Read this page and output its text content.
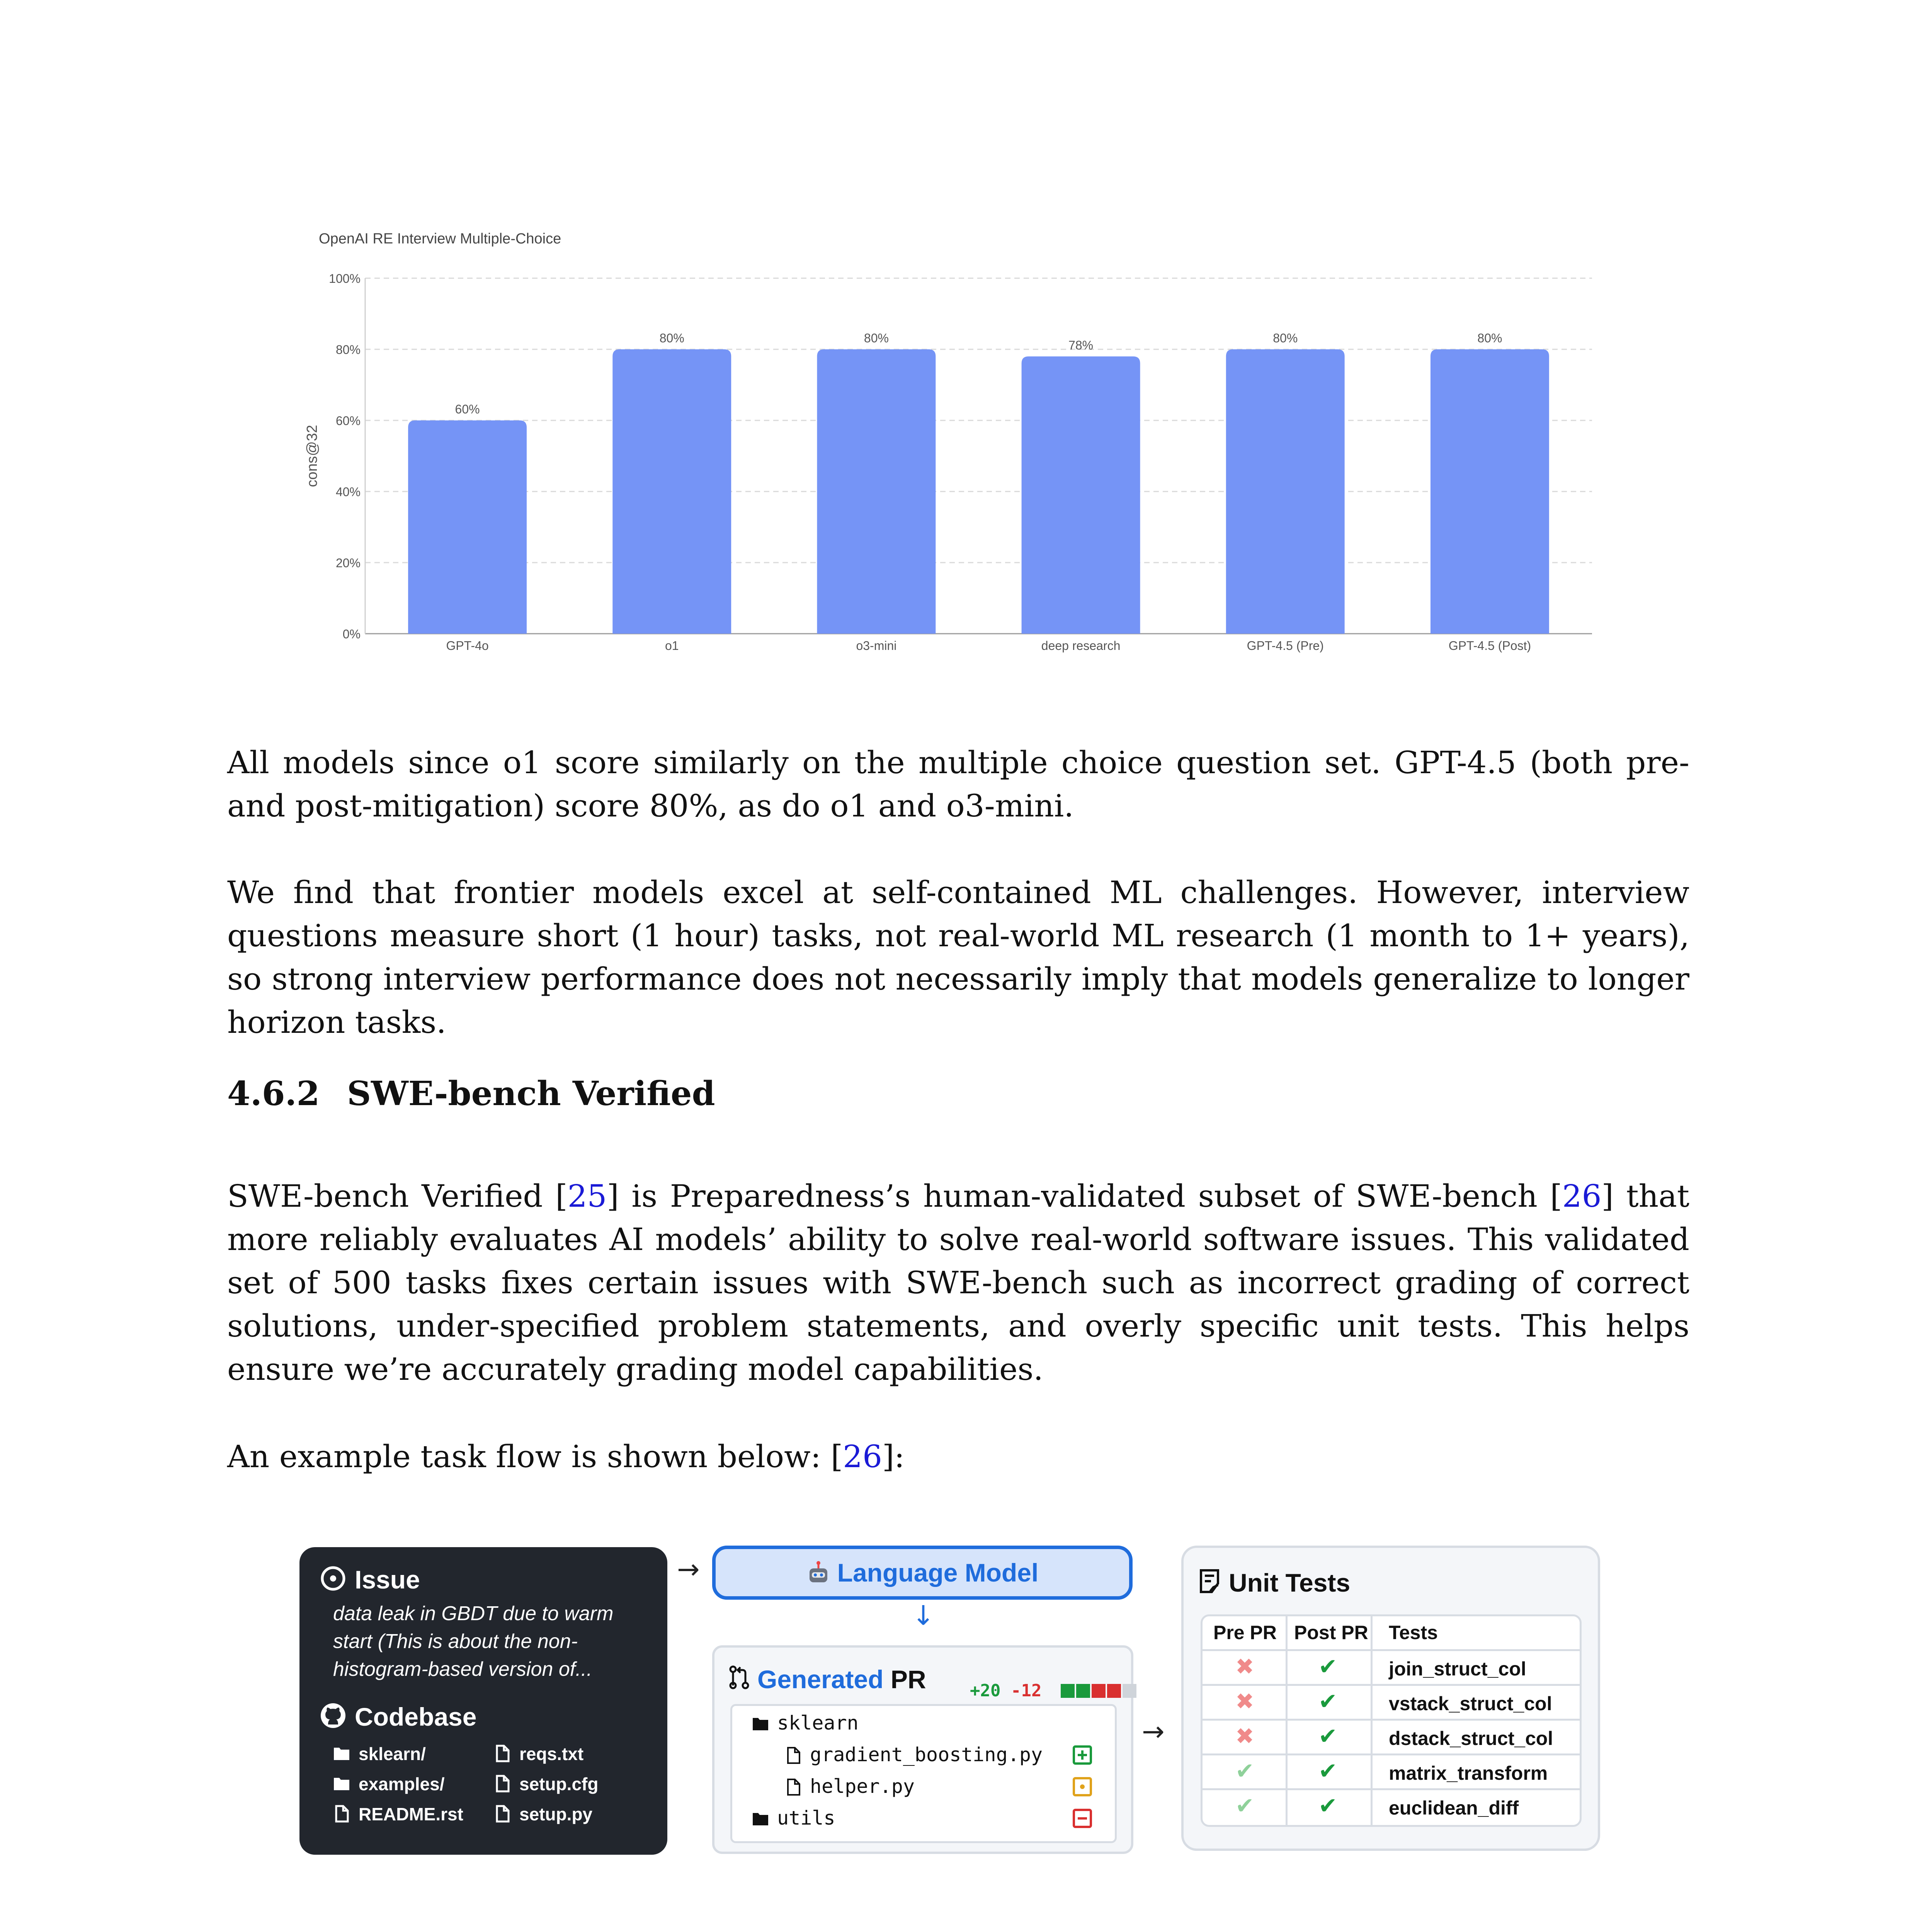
OpenAI RE Interview Multiple-Choice
cons@32
0%
20%
40%
60%
80%
100%
60%
80%	80%
78%
80%	80%
GPT-4o	o1	o3-mini	deep research	GPT-4.5 (Pre)	GPT-4.5 (Post)
All models since o1 score similarly on the multiple choice question set. GPT-4.5 (both pre- and post-mitigation) score 80%, as do o1 and o3-mini.
We find that frontier models excel at self-contained ML challenges. However, interview questions measure short (1 hour) tasks, not real-world ML research (1 month to 1+ years), so strong interview performance does not necessarily imply that models generalize to longer horizon tasks.
4.6.2 SWE-bench Verified
SWE-bench Verified [25] is Preparedness’s human-validated subset of SWE-bench [26] that more reliably evaluates AI models’ ability to solve real-world software issues. This validated set of 500 tasks fixes certain issues with SWE-bench such as incorrect grading of correct solutions, under-specified problem statements, and overly specific unit tests. This helps ensure we’re accurately grading model capabilities.
An example task flow is shown below: [26]:
Issue
data leak in GBDT due to warm
start (This is about the non-
histogram-based version of...
Codebase
sklearn/
examples/
README.rst
reqs.txt
setup.cfg
setup.py
→	Language Model
↓
Generated PR	+20 -12
sklearn
gradient_boosting.py
helper.py
utils
→
Unit Tests
Pre PR Post PR Tests
✖	✔	join_struct_col
✖	✔	vstack_struct_col
✖	✔	dstack_struct_col
✔	✔	matrix_transform
✔	✔	euclidean_diff
